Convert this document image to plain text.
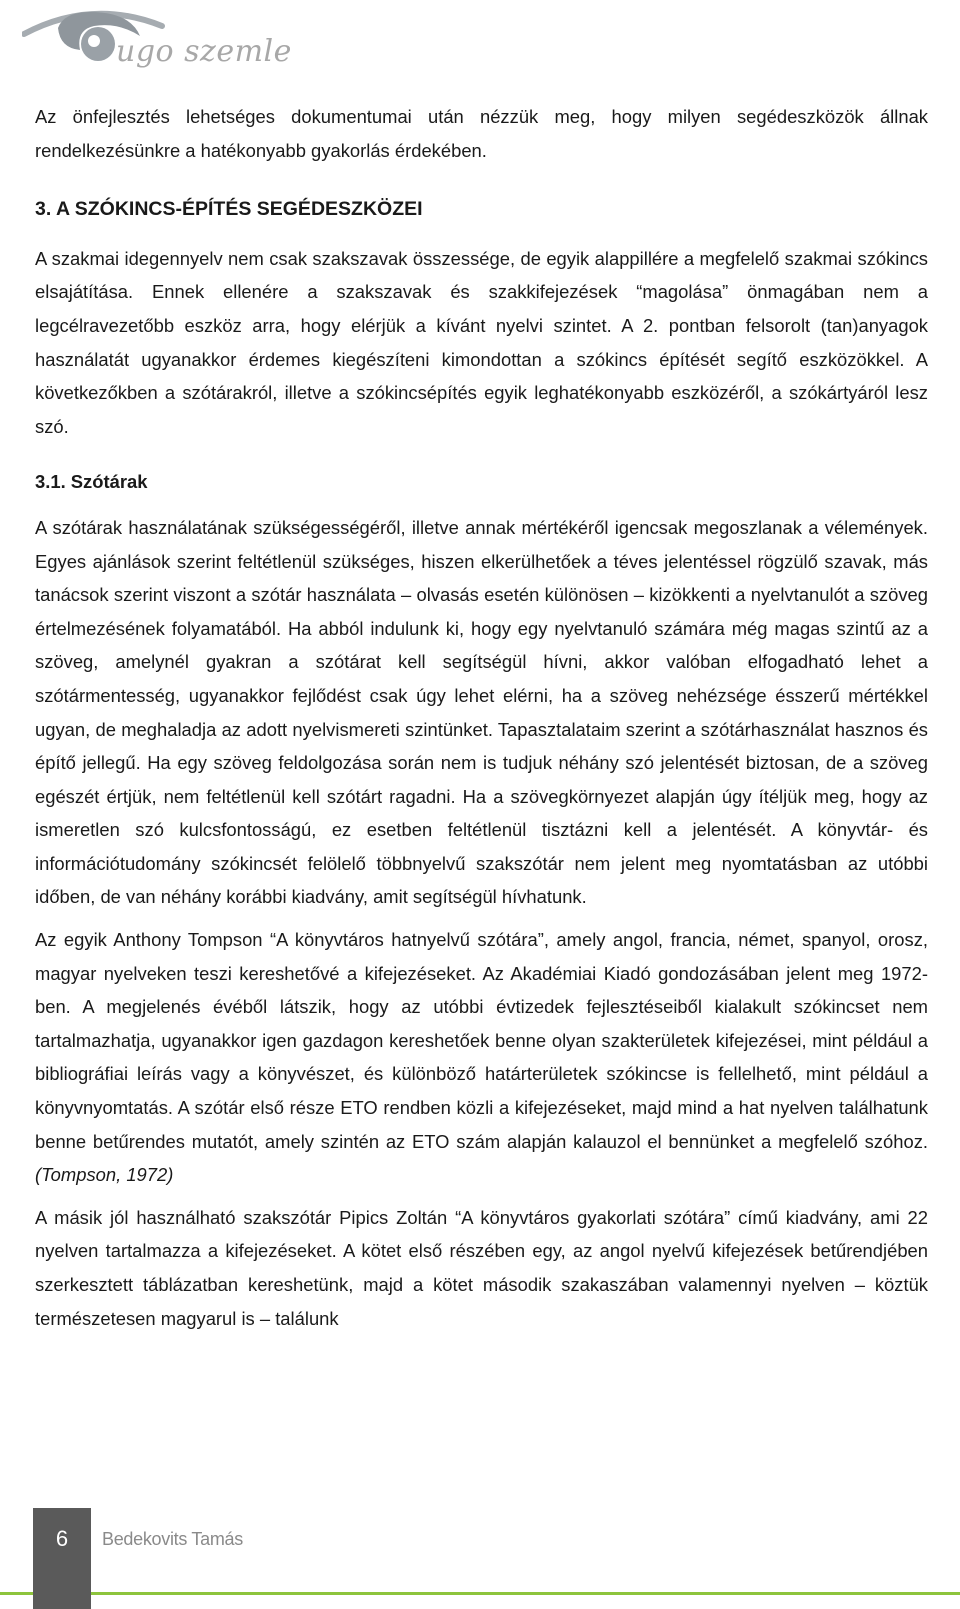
ugo szemle

Az önfejlesztés lehetséges dokumentumai után nézzük meg, hogy milyen segédeszközök állnak rendelkezésünkre a hatékonyabb gyakorlás érdekében.

3. A SZÓKINCS-ÉPÍTÉS SEGÉDESZKÖZEI

A szakmai idegennyelv nem csak szakszavak összessége, de egyik alappillére a megfelelő szakmai szókincs elsajátítása. Ennek ellenére a szakszavak és szakkifejezések “magolása” önmagában nem a legcélravezetőbb eszköz arra, hogy elérjük a kívánt nyelvi szintet. A 2. pontban felsorolt (tan)anyagok használatát ugyanakkor érdemes kiegészíteni kimondottan a szókincs építését segítő eszközökkel. A következőkben a szótárakról, illetve a szókincsépítés egyik leghatékonyabb eszközéről, a szókártyáról lesz szó.

3.1. Szótárak

A szótárak használatának szükségességéről, illetve annak mértékéről igencsak megoszlanak a vélemények. Egyes ajánlások szerint feltétlenül szükséges, hiszen elkerülhetőek a téves jelentéssel rögzülő szavak, más tanácsok szerint viszont a szótár használata – olvasás esetén különösen – kizökkenti a nyelvtanulót a szöveg értelmezésének folyamatából. Ha abból indulunk ki, hogy egy nyelvtanuló számára még magas szintű az a szöveg, amelynél gyakran a szótárat kell segítségül hívni, akkor valóban elfogadható lehet a szótármentesség, ugyanakkor fejlődést csak úgy lehet elérni, ha a szöveg nehézsége ésszerű mértékkel ugyan, de meghaladja az adott nyelvismereti szintünket. Tapasztalataim szerint a szótárhasználat hasznos és építő jellegű. Ha egy szöveg feldolgozása során nem is tudjuk néhány szó jelentését biztosan, de a szöveg egészét értjük, nem feltétlenül kell szótárt ragadni. Ha a szövegkörnyezet alapján úgy ítéljük meg, hogy az ismeretlen szó kulcsfontosságú, ez esetben feltétlenül tisztázni kell a jelentését. A könyvtár- és információtudomány szókincsét felölelő többnyelvű szakszótár nem jelent meg nyomtatásban az utóbbi időben, de van néhány korábbi kiadvány, amit segítségül hívhatunk.

Az egyik Anthony Tompson “A könyvtáros hatnyelvű szótára”, amely angol, francia, német, spanyol, orosz, magyar nyelveken teszi kereshetővé a kifejezéseket. Az Akadémiai Kiadó gondozásában jelent meg 1972-ben. A megjelenés évéből látszik, hogy az utóbbi évtizedek fejlesztéseiből kialakult szókincset nem tartalmazhatja, ugyanakkor igen gazdagon kereshetőek benne olyan szakterületek kifejezései, mint például a bibliográfiai leírás vagy a könyvészet, és különböző határterületek szókincse is fellelhető, mint például a könyvnyomtatás. A szótár első része ETO rendben közli a kifejezéseket, majd mind a hat nyelven találhatunk benne betűrendes mutatót, amely szintén az ETO szám alapján kalauzol el bennünket a megfelelő szóhoz. (Tompson, 1972)

A másik jól használható szakszótár Pipics Zoltán “A könyvtáros gyakorlati szótára” című kiadvány, ami 22 nyelven tartalmazza a kifejezéseket. A kötet első részében egy, az angol nyelvű kifejezések betűrendjében szerkesztett táblázatban kereshetünk, majd a kötet második szakaszában valamennyi nyelven – köztük természetesen magyarul is – találunk

6	Bedekovits Tamás
